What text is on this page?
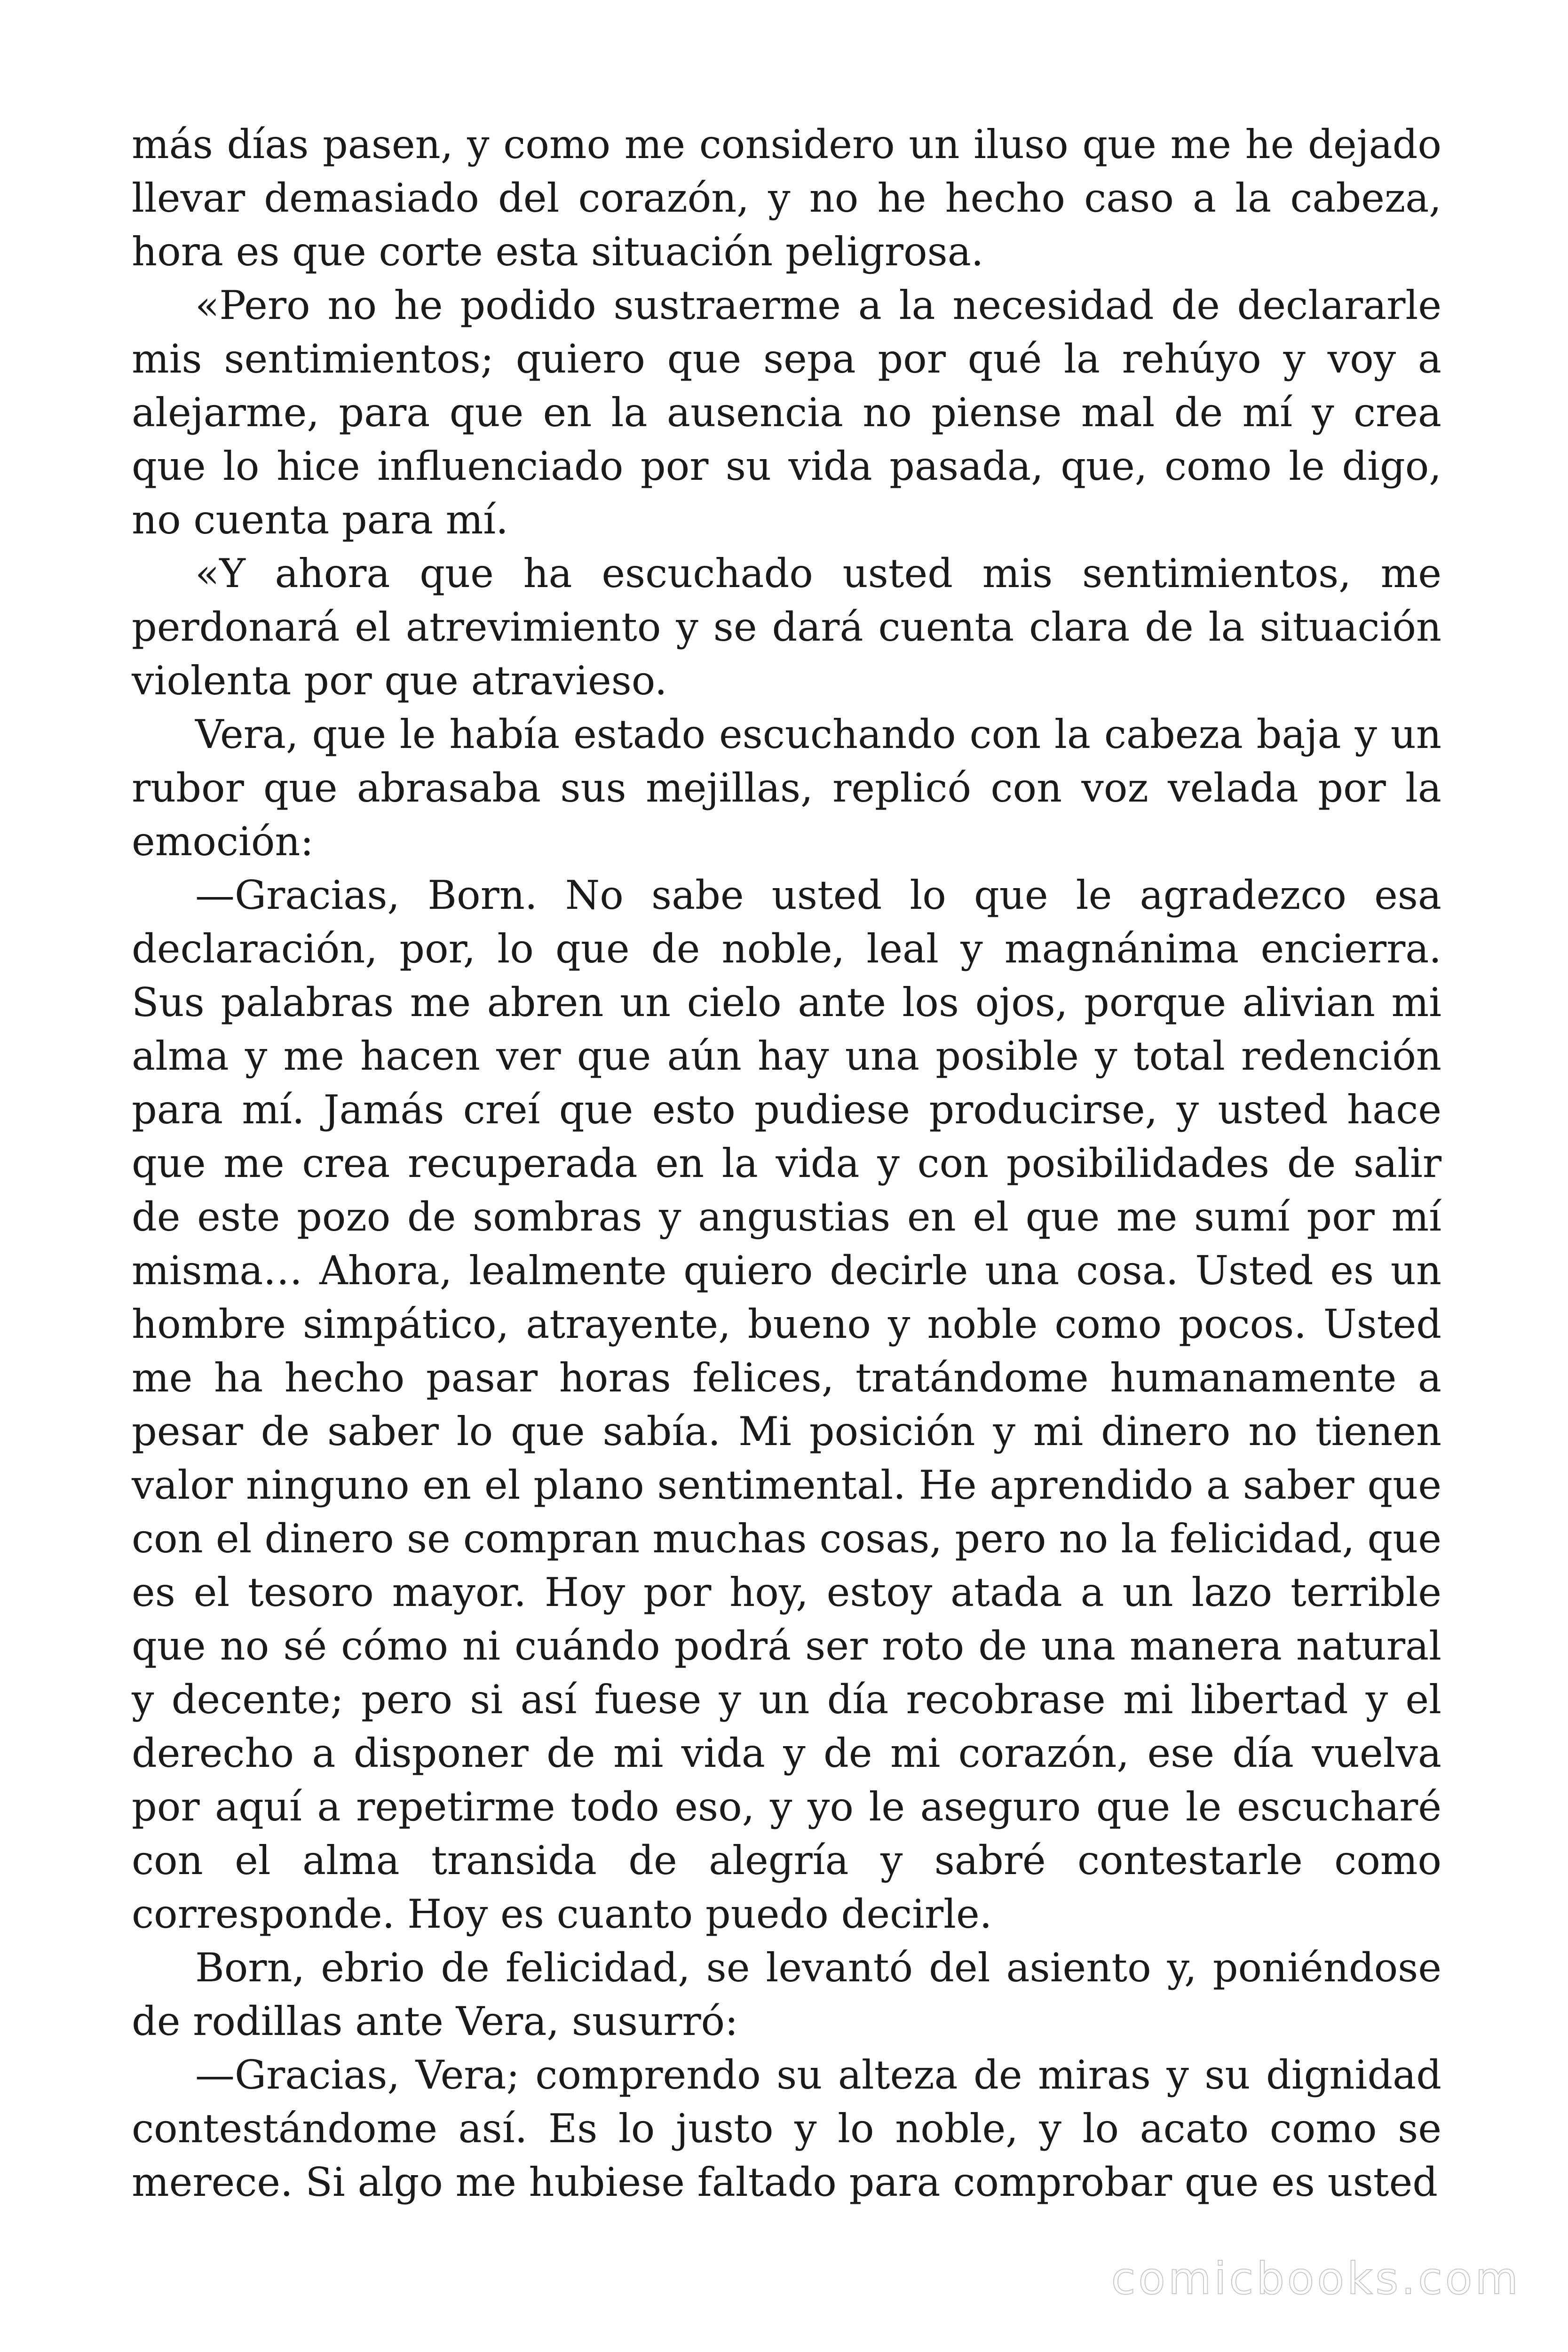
más días pasen, y como me considero un iluso que me he dejado llevar demasiado del corazón, y no he hecho caso a la cabeza, hora es que corte esta situación peligrosa.

«Pero no he podido sustraerme a la necesidad de declararle mis sentimientos; quiero que sepa por qué la rehúyo y voy a alejarme, para que en la ausencia no piense mal de mí y crea que lo hice influenciado por su vida pasada, que, como le digo, no cuenta para mí.

«Y ahora que ha escuchado usted mis sentimientos, me perdonará el atrevimiento y se dará cuenta clara de la situación violenta por que atravieso.

Vera, que le había estado escuchando con la cabeza baja y un rubor que abrasaba sus mejillas, replicó con voz velada por la emoción:

—Gracias, Born. No sabe usted lo que le agradezco esa declaración, por, lo que de noble, leal y magnánima encierra. Sus palabras me abren un cielo ante los ojos, porque alivian mi alma y me hacen ver que aún hay una posible y total redención para mí. Jamás creí que esto pudiese producirse, y usted hace que me crea recuperada en la vida y con posibilidades de salir de este pozo de sombras y angustias en el que me sumí por mí misma… Ahora, lealmente quiero decirle una cosa. Usted es un hombre simpático, atrayente, bueno y noble como pocos. Usted me ha hecho pasar horas felices, tratándome humanamente a pesar de saber lo que sabía. Mi posición y mi dinero no tienen valor ninguno en el plano sentimental. He aprendido a saber que con el dinero se compran muchas cosas, pero no la felicidad, que es el tesoro mayor. Hoy por hoy, estoy atada a un lazo terrible que no sé cómo ni cuándo podrá ser roto de una manera natural y decente; pero si así fuese y un día recobrase mi libertad y el derecho a disponer de mi vida y de mi corazón, ese día vuelva por aquí a repetirme todo eso, y yo le aseguro que le escucharé con el alma transida de alegría y sabré contestarle como corresponde. Hoy es cuanto puedo decirle.

Born, ebrio de felicidad, se levantó del asiento y, poniéndose de rodillas ante Vera, susurró:

—Gracias, Vera; comprendo su alteza de miras y su dignidad contestándome así. Es lo justo y lo noble, y lo acato como se merece. Si algo me hubiese faltado para comprobar que es usted

comicbooks.com
